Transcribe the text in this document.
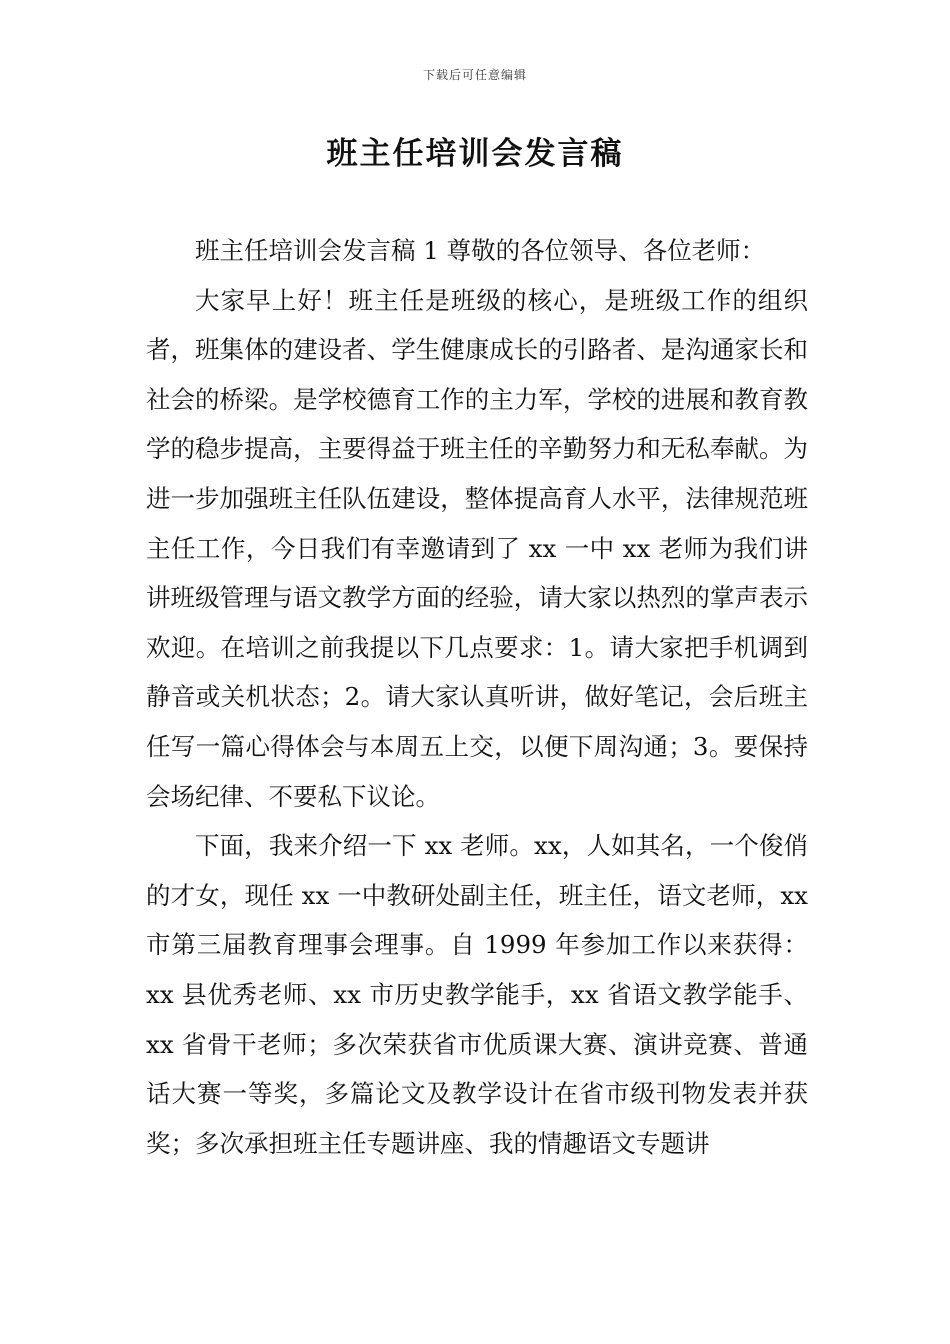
下载后可任意编辑
班主任培训会发言稿

班主任培训会发言稿 1 尊敬的各位领导、各位老师：

大家早上好！班主任是班级的核心，是班级工作的组织者，班集体的建设者、学生健康成长的引路者、是沟通家长和社会的桥梁。是学校德育工作的主力军，学校的进展和教育教学的稳步提高，主要得益于班主任的辛勤努力和无私奉献。为进一步加强班主任队伍建设，整体提高育人水平，法律规范班主任工作，今日我们有幸邀请到了 xx 一中 xx 老师为我们讲讲班级管理与语文教学方面的经验，请大家以热烈的掌声表示欢迎。在培训之前我提以下几点要求：1。请大家把手机调到静音或关机状态；2。请大家认真听讲，做好笔记，会后班主任写一篇心得体会与本周五上交，以便下周沟通；3。要保持会场纪律、不要私下议论。

下面，我来介绍一下 xx 老师。xx，人如其名，一个俊俏的才女，现任 xx 一中教研处副主任，班主任，语文老师，xx 市第三届教育理事会理事。自 1999 年参加工作以来获得：xx 县优秀老师、xx 市历史教学能手，xx 省语文教学能手、xx 省骨干老师；多次荣获省市优质课大赛、演讲竞赛、普通话大赛一等奖，多篇论文及教学设计在省市级刊物发表并获奖；多次承担班主任专题讲座、我的情趣语文专题讲
